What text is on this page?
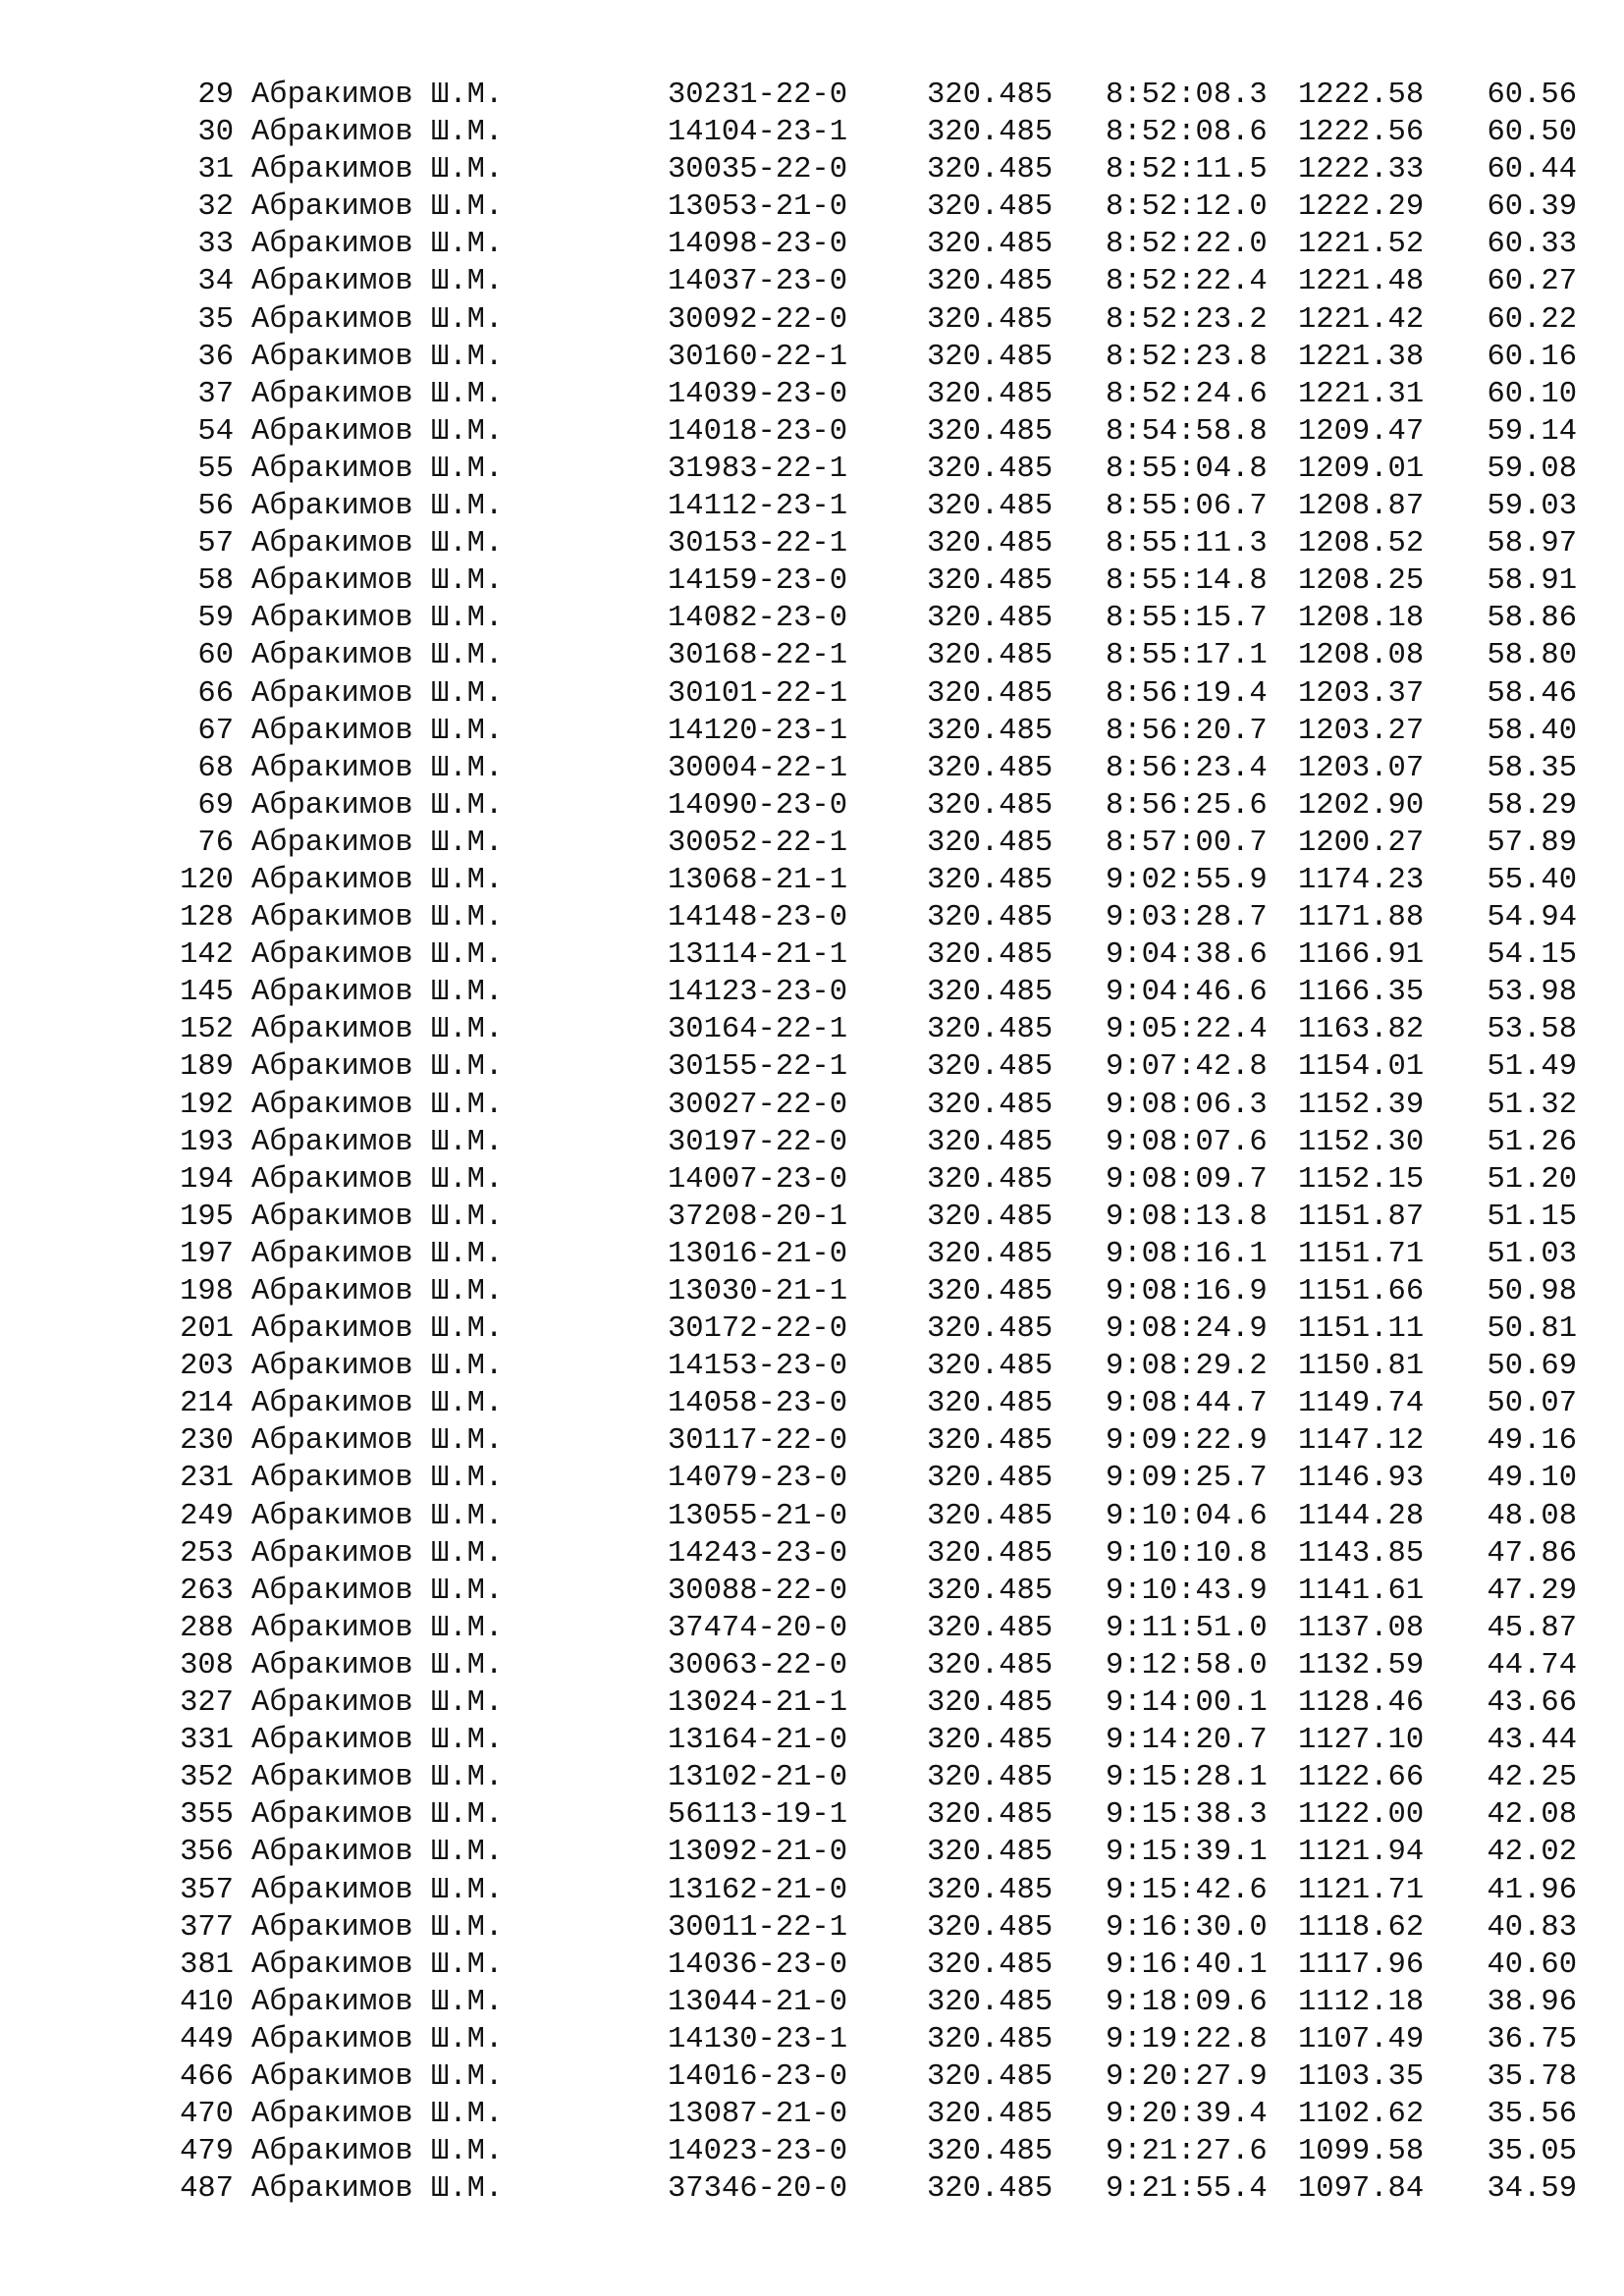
29 Абракимов Ш.М.	30231-22-0	320.485 8:52:08.3 1222.58	60.56
30 Абракимов Ш.М.	14104-23-1	320.485 8:52:08.6 1222.56	60.50
31 Абракимов Ш.М.	30035-22-0	320.485 8:52:11.5 1222.33	60.44
32 Абракимов Ш.М.	13053-21-0	320.485 8:52:12.0 1222.29	60.39
33 Абракимов Ш.М.	14098-23-0	320.485 8:52:22.0 1221.52	60.33
34 Абракимов Ш.М.	14037-23-0	320.485 8:52:22.4 1221.48	60.27
35 Абракимов Ш.М.	30092-22-0	320.485 8:52:23.2 1221.42	60.22
36 Абракимов Ш.М.	30160-22-1	320.485 8:52:23.8 1221.38	60.16
37 Абракимов Ш.М.	14039-23-0	320.485 8:52:24.6 1221.31	60.10
54 Абракимов Ш.М.	14018-23-0	320.485 8:54:58.8 1209.47	59.14
55 Абракимов Ш.М.	31983-22-1	320.485 8:55:04.8 1209.01	59.08
56 Абракимов Ш.М.	14112-23-1	320.485 8:55:06.7 1208.87	59.03
57 Абракимов Ш.М.	30153-22-1	320.485 8:55:11.3 1208.52	58.97
58 Абракимов Ш.М.	14159-23-0	320.485 8:55:14.8 1208.25	58.91
59 Абракимов Ш.М.	14082-23-0	320.485 8:55:15.7 1208.18	58.86
60 Абракимов Ш.М.	30168-22-1	320.485 8:55:17.1 1208.08	58.80
66 Абракимов Ш.М.	30101-22-1	320.485 8:56:19.4 1203.37	58.46
67 Абракимов Ш.М.	14120-23-1	320.485 8:56:20.7 1203.27	58.40
68 Абракимов Ш.М.	30004-22-1	320.485 8:56:23.4 1203.07	58.35
69 Абракимов Ш.М.	14090-23-0	320.485 8:56:25.6 1202.90	58.29
76 Абракимов Ш.М.	30052-22-1	320.485 8:57:00.7 1200.27	57.89
120 Абракимов Ш.М.	13068-21-1	320.485 9:02:55.9 1174.23	55.40
128 Абракимов Ш.М.	14148-23-0	320.485 9:03:28.7 1171.88	54.94
142 Абракимов Ш.М.	13114-21-1	320.485 9:04:38.6 1166.91	54.15
145 Абракимов Ш.М.	14123-23-0	320.485 9:04:46.6 1166.35	53.98
152 Абракимов Ш.М.	30164-22-1	320.485 9:05:22.4 1163.82	53.58
189 Абракимов Ш.М.	30155-22-1	320.485 9:07:42.8 1154.01	51.49
192 Абракимов Ш.М.	30027-22-0	320.485 9:08:06.3 1152.39	51.32
193 Абракимов Ш.М.	30197-22-0	320.485 9:08:07.6 1152.30	51.26
194 Абракимов Ш.М.	14007-23-0	320.485 9:08:09.7 1152.15	51.20
195 Абракимов Ш.М.	37208-20-1	320.485 9:08:13.8 1151.87	51.15
197 Абракимов Ш.М.	13016-21-0	320.485 9:08:16.1 1151.71	51.03
198 Абракимов Ш.М.	13030-21-1	320.485 9:08:16.9 1151.66	50.98
201 Абракимов Ш.М.	30172-22-0	320.485 9:08:24.9 1151.11	50.81
203 Абракимов Ш.М.	14153-23-0	320.485 9:08:29.2 1150.81	50.69
214 Абракимов Ш.М.	14058-23-0	320.485 9:08:44.7 1149.74	50.07
230 Абракимов Ш.М.	30117-22-0	320.485 9:09:22.9 1147.12	49.16
231 Абракимов Ш.М.	14079-23-0	320.485 9:09:25.7 1146.93	49.10
249 Абракимов Ш.М.	13055-21-0	320.485 9:10:04.6 1144.28	48.08
253 Абракимов Ш.М.	14243-23-0	320.485 9:10:10.8 1143.85	47.86
263 Абракимов Ш.М.	30088-22-0	320.485 9:10:43.9 1141.61	47.29
288 Абракимов Ш.М.	37474-20-0	320.485 9:11:51.0 1137.08	45.87
308 Абракимов Ш.М.	30063-22-0	320.485 9:12:58.0 1132.59	44.74
327 Абракимов Ш.М.	13024-21-1	320.485 9:14:00.1 1128.46	43.66
331 Абракимов Ш.М.	13164-21-0	320.485 9:14:20.7 1127.10	43.44
352 Абракимов Ш.М.	13102-21-0	320.485 9:15:28.1 1122.66	42.25
355 Абракимов Ш.М.	56113-19-1	320.485 9:15:38.3 1122.00	42.08
356 Абракимов Ш.М.	13092-21-0	320.485 9:15:39.1 1121.94	42.02
357 Абракимов Ш.М.	13162-21-0	320.485 9:15:42.6 1121.71	41.96
377 Абракимов Ш.М.	30011-22-1	320.485 9:16:30.0 1118.62	40.83
381 Абракимов Ш.М.	14036-23-0	320.485 9:16:40.1 1117.96	40.60
410 Абракимов Ш.М.	13044-21-0	320.485 9:18:09.6 1112.18	38.96
449 Абракимов Ш.М.	14130-23-1	320.485 9:19:22.8 1107.49	36.75
466 Абракимов Ш.М.	14016-23-0	320.485 9:20:27.9 1103.35	35.78
470 Абракимов Ш.М.	13087-21-0	320.485 9:20:39.4 1102.62	35.56
479 Абракимов Ш.М.	14023-23-0	320.485 9:21:27.6 1099.58	35.05
487 Абракимов Ш.М.	37346-20-0	320.485 9:21:55.4 1097.84	34.59
